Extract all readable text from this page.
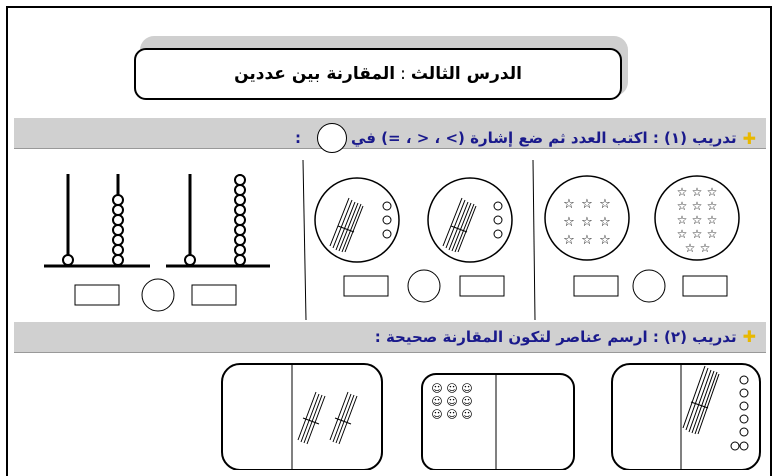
الدرس الثالث:المقارنة بين عددين
✚
تدريب (١) : اكتب العدد ثم ضع إشارة (> ، < ، =) في
:
☆ ☆ ☆
☆ ☆ ☆
☆ ☆ ☆
☆ ☆ ☆
☆ ☆ ☆
☆ ☆ ☆
☆ ☆ ☆
☆ ☆
✚
تدريب (٢) : ارسم عناصر لتكون المقارنة صحيحة :
☺ ☺ ☺
☺ ☺ ☺
☺ ☺ ☺
